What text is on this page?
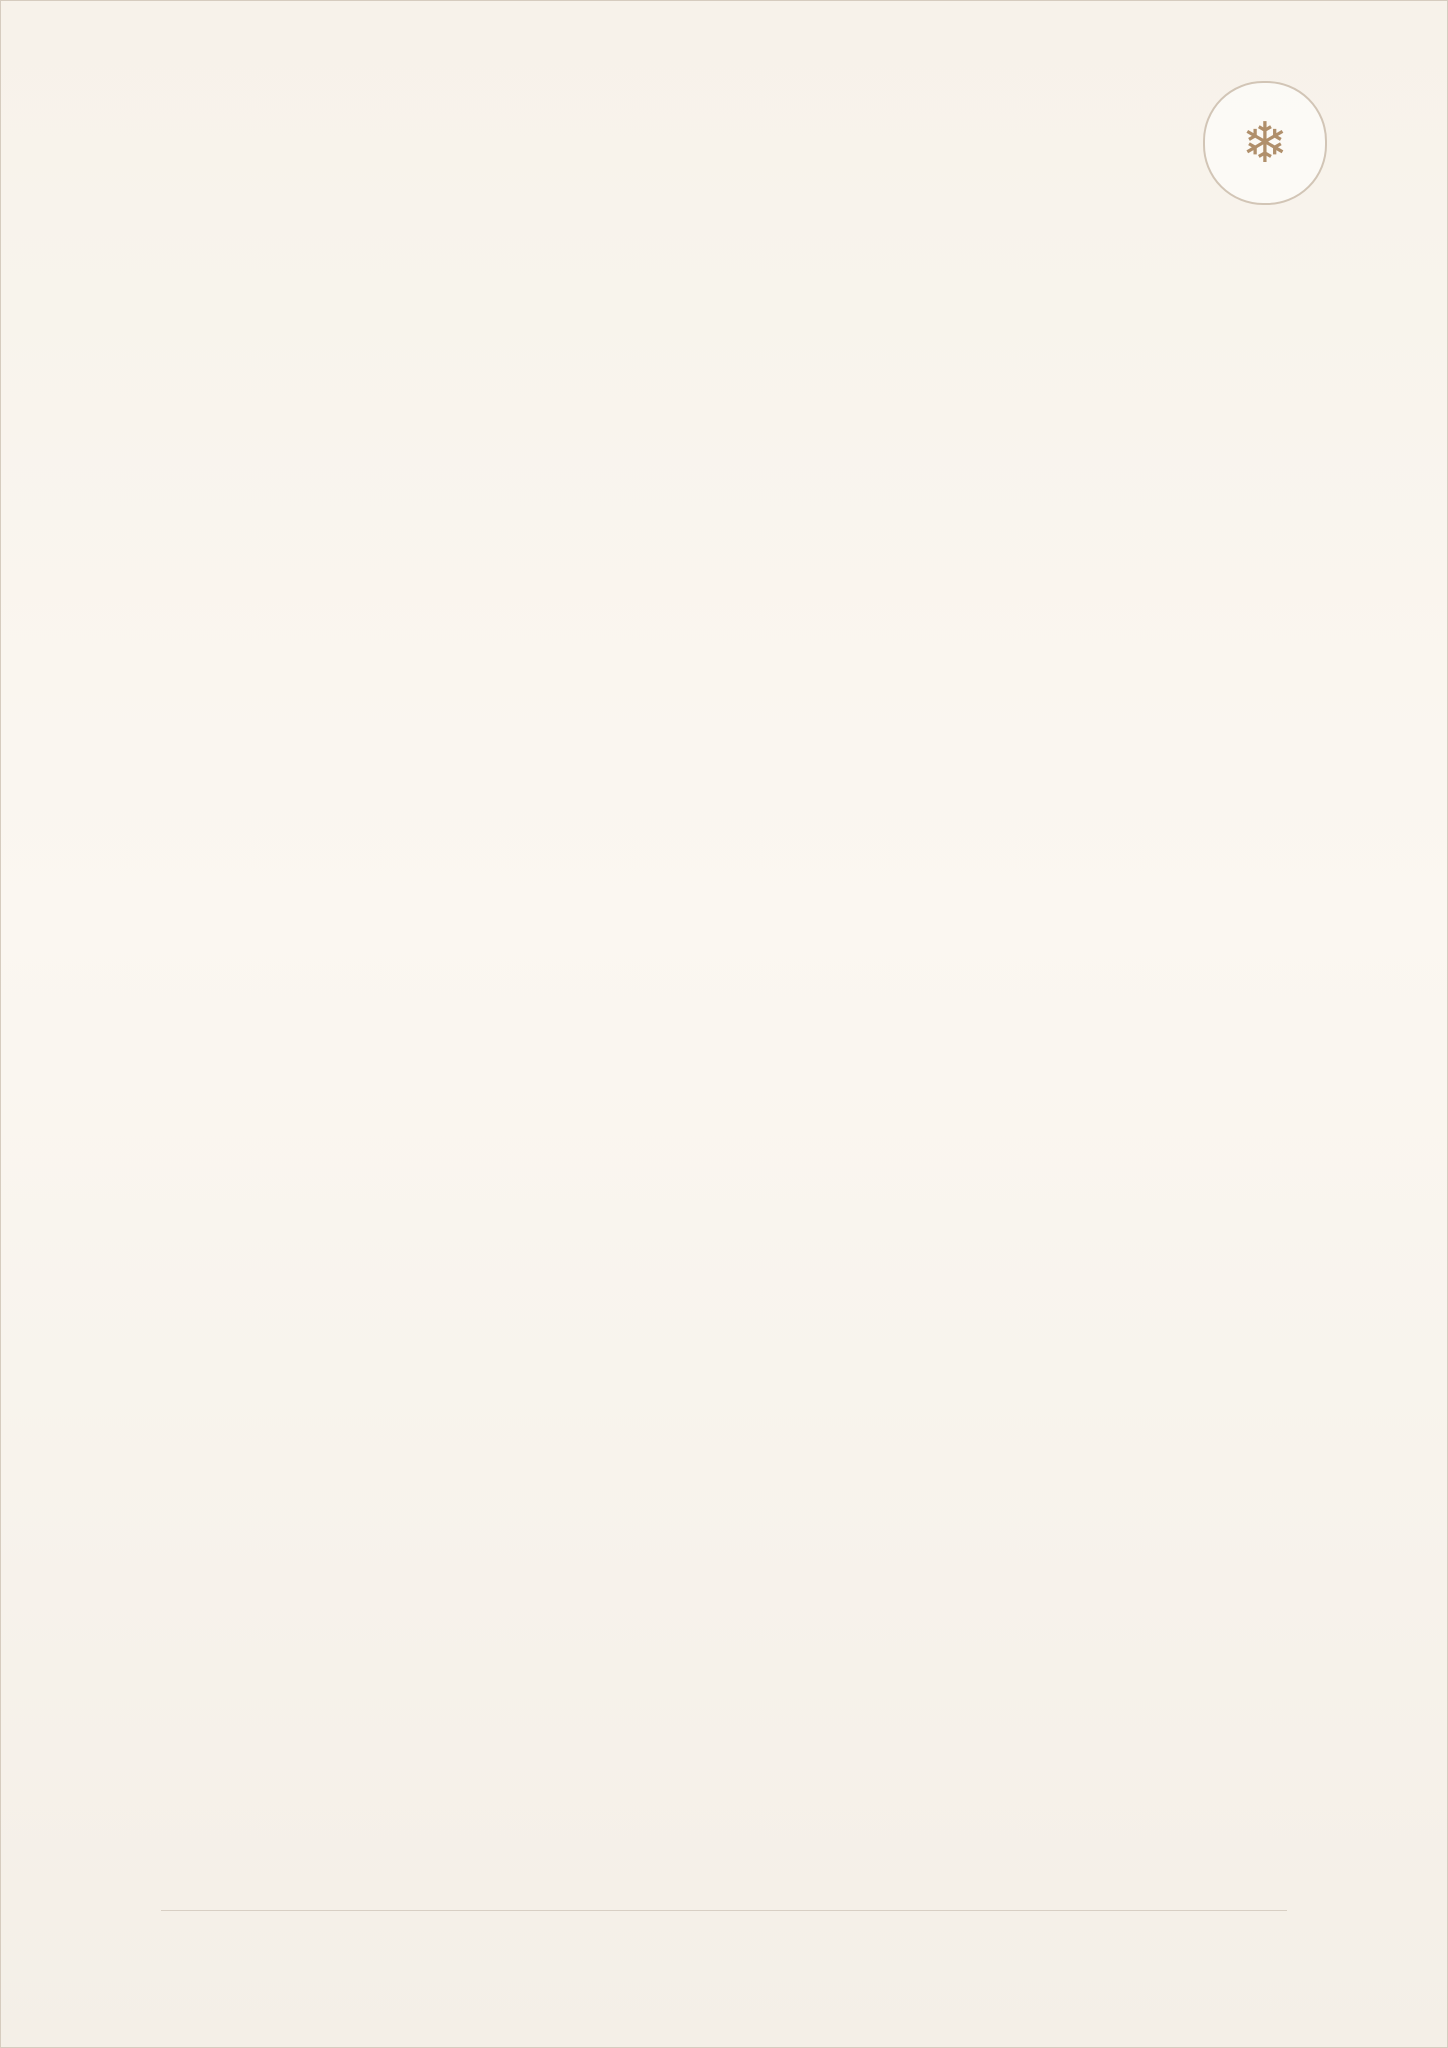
❄
